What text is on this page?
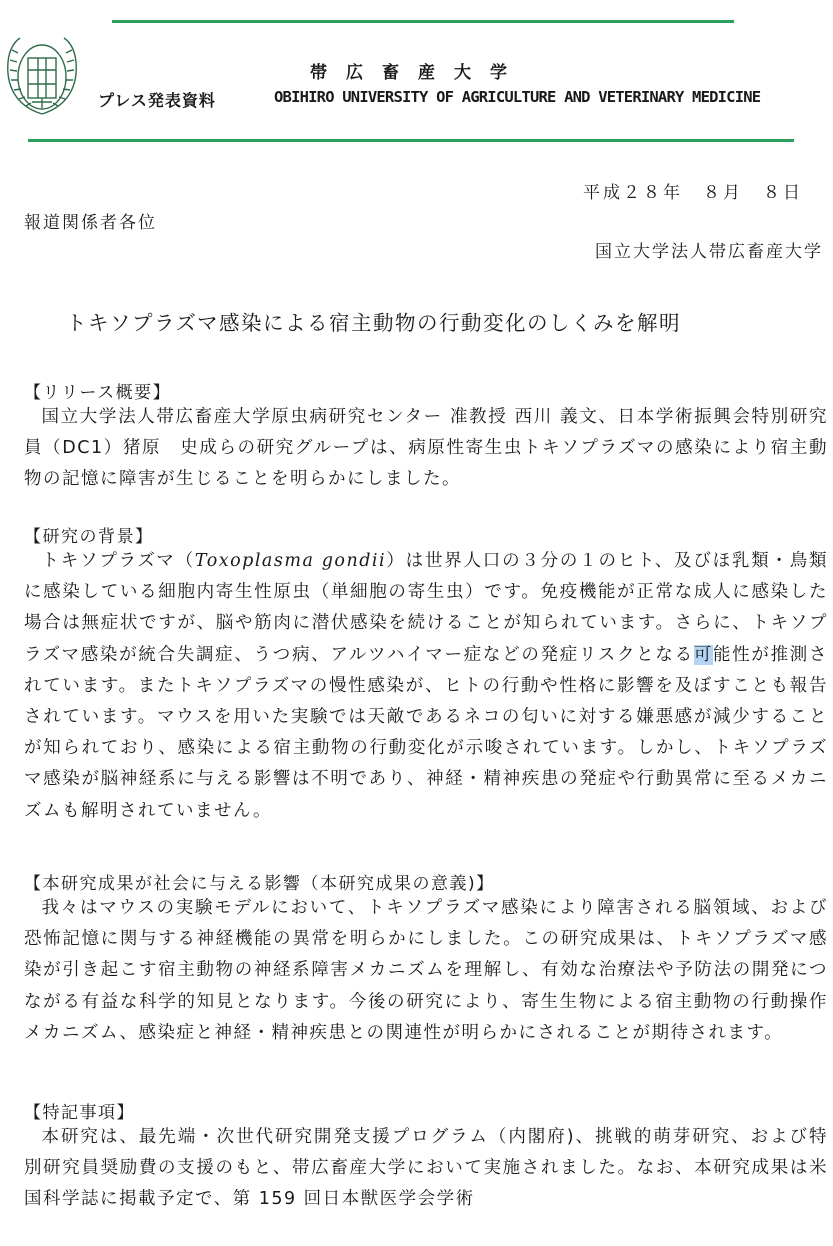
帯広畜産大学
プレス発表資料	OBIHIRO UNIVERSITY OF AGRICULTURE AND VETERINARY MEDICINE
平成２８年　８月　８日
報道関係者各位
国立大学法人帯広畜産大学
トキソプラズマ感染による宿主動物の行動変化のしくみを解明
【リリース概要】

国立大学法人帯広畜産大学原虫病研究センター 准教授 西川 義文、日本学術振興会特別研究員（DC1）猪原　史成らの研究グループは、病原性寄生虫トキソプラズマの感染により宿主動物の記憶に障害が生じることを明らかにしました。

【研究の背景】

トキソプラズマ（Toxoplasma gondii）は世界人口の３分の１のヒト、及びほ乳類・鳥類に感染している細胞内寄生性原虫（単細胞の寄生虫）です。免疫機能が正常な成人に感染した場合は無症状ですが、脳や筋肉に潜伏感染を続けることが知られています。さらに、トキソプラズマ感染が統合失調症、うつ病、アルツハイマー症などの発症リスクとなる可能性が推測されています。またトキソプラズマの慢性感染が、ヒトの行動や性格に影響を及ぼすことも報告されています。マウスを用いた実験では天敵であるネコの匂いに対する嫌悪感が減少することが知られており、感染による宿主動物の行動変化が示唆されています。しかし、トキソプラズマ感染が脳神経系に与える影響は不明であり、神経・精神疾患の発症や行動異常に至るメカニズムも解明されていません。

【本研究成果が社会に与える影響（本研究成果の意義)】

我々はマウスの実験モデルにおいて、トキソプラズマ感染により障害される脳領域、および恐怖記憶に関与する神経機能の異常を明らかにしました。この研究成果は、トキソプラズマ感染が引き起こす宿主動物の神経系障害メカニズムを理解し、有効な治療法や予防法の開発につながる有益な科学的知見となります。今後の研究により、寄生生物による宿主動物の行動操作メカニズム、感染症と神経・精神疾患との関連性が明らかにされることが期待されます。

【特記事項】

本研究は、最先端・次世代研究開発支援プログラム（内閣府)、挑戦的萌芽研究、および特別研究員奨励費の支援のもと、帯広畜産大学において実施されました。なお、本研究成果は米国科学誌に掲載予定で、第 159 回日本獣医学会学術
